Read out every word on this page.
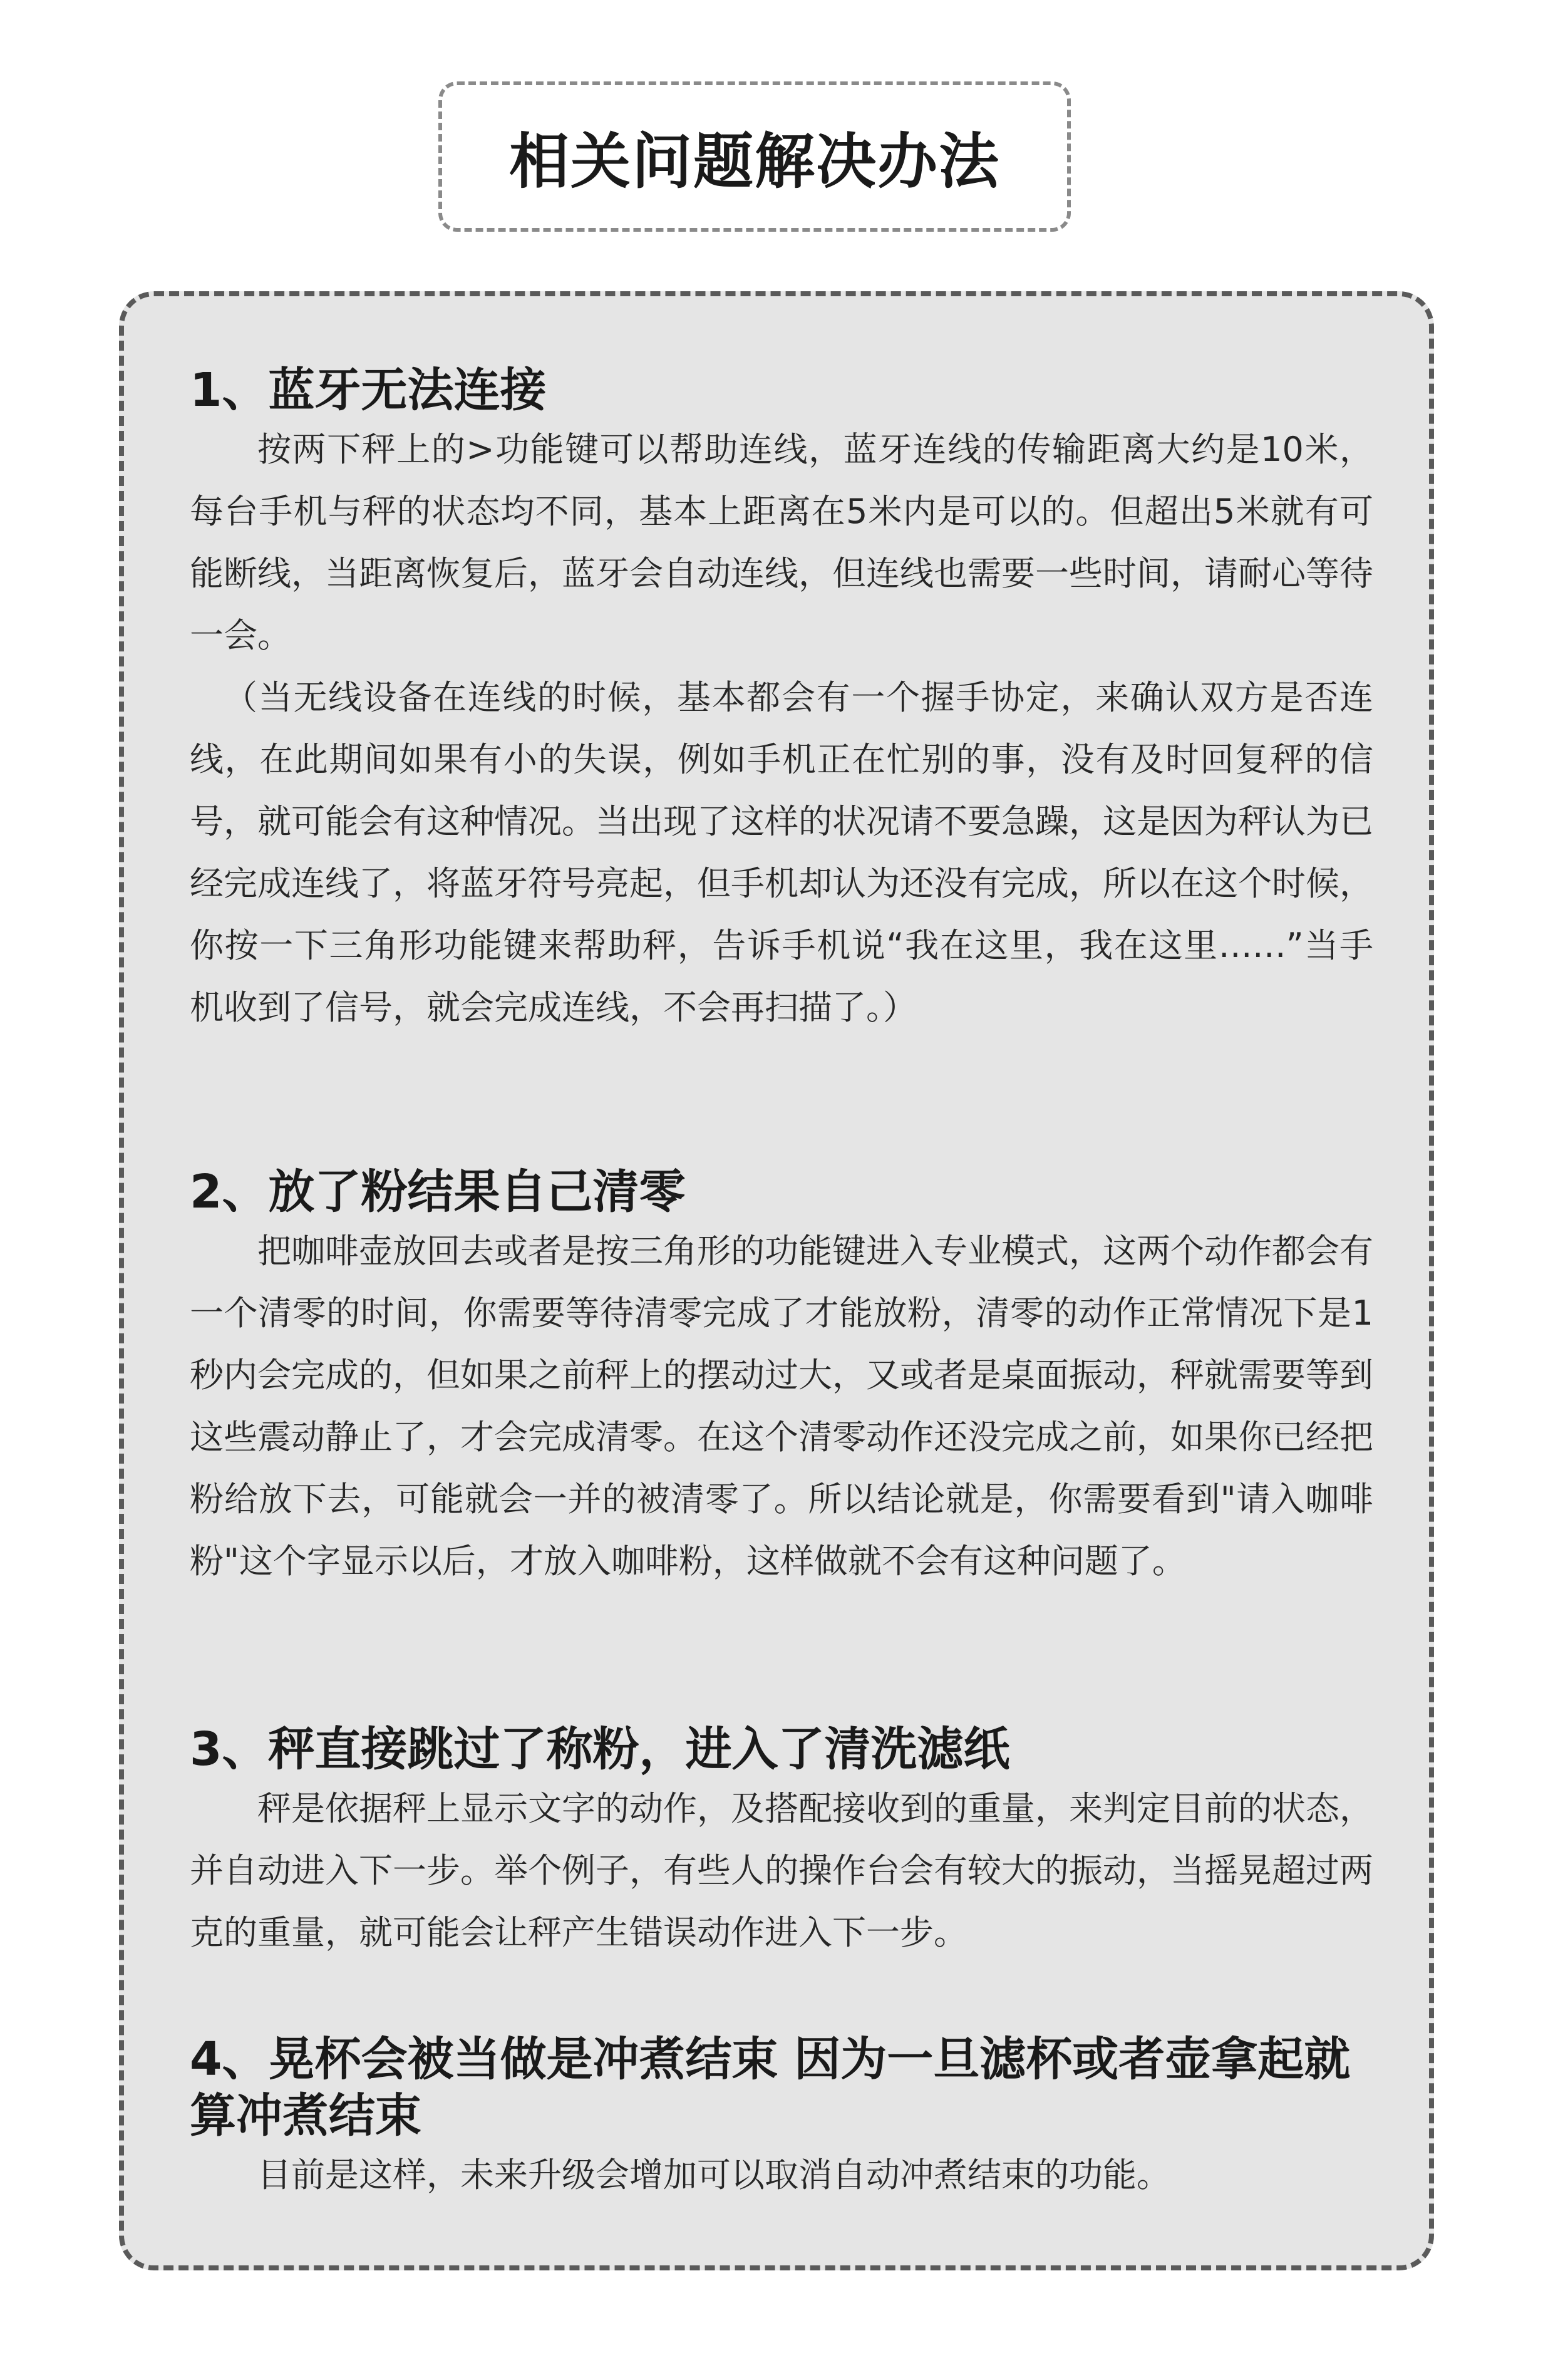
相关问题解决办法
1、蓝牙无法连接

按两下秤上的>功能键可以帮助连线，蓝牙连线的传输距离大约是10米，每台手机与秤的状态均不同，基本上距离在5米内是可以的。但超出5米就有可能断线，当距离恢复后，蓝牙会自动连线，但连线也需要一些时间，请耐心等待一会。

（当无线设备在连线的时候，基本都会有一个握手协定，来确认双方是否连线，在此期间如果有小的失误，例如手机正在忙别的事，没有及时回复秤的信号，就可能会有这种情况。当出现了这样的状况请不要急躁，这是因为秤认为已经完成连线了，将蓝牙符号亮起，但手机却认为还没有完成，所以在这个时候，你按一下三角形功能键来帮助秤，告诉手机说“我在这里，我在这里……”当手机收到了信号，就会完成连线，不会再扫描了。）

2、放了粉结果自己清零

把咖啡壶放回去或者是按三角形的功能键进入专业模式，这两个动作都会有一个清零的时间，你需要等待清零完成了才能放粉，清零的动作正常情况下是1秒内会完成的，但如果之前秤上的摆动过大，又或者是桌面振动，秤就需要等到这些震动静止了，才会完成清零。在这个清零动作还没完成之前，如果你已经把粉给放下去，可能就会一并的被清零了。所以结论就是，你需要看到"请入咖啡粉"这个字显示以后，才放入咖啡粉，这样做就不会有这种问题了。

3、秤直接跳过了称粉，进入了清洗滤纸

秤是依据秤上显示文字的动作，及搭配接收到的重量，来判定目前的状态，并自动进入下一步。举个例子，有些人的操作台会有较大的振动，当摇晃超过两克的重量，就可能会让秤产生错误动作进入下一步。

4、晃杯会被当做是冲煮结束 因为一旦滤杯或者壶拿起就算冲煮结束

目前是这样，未来升级会增加可以取消自动冲煮结束的功能。
